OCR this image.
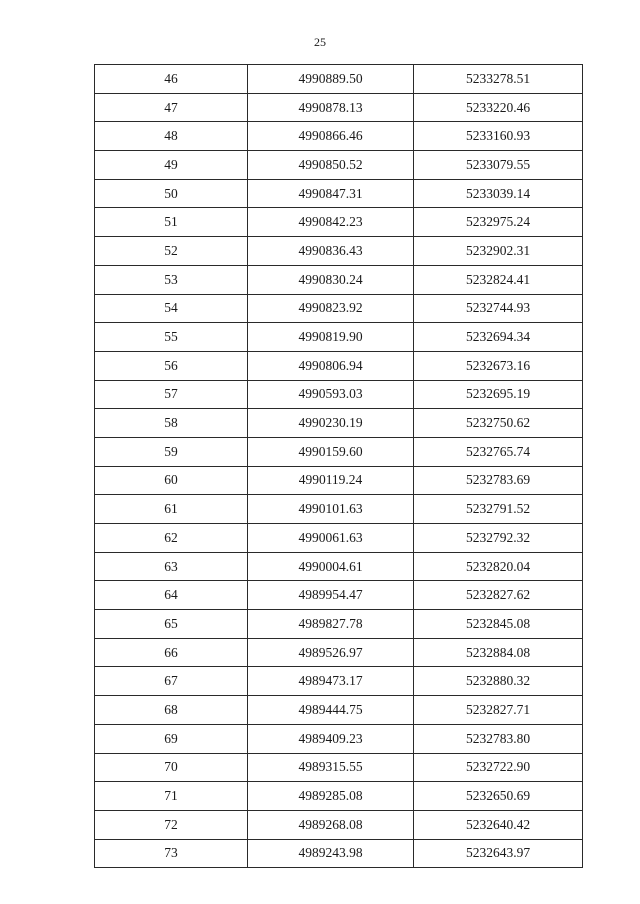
25
46	4990889.50	5233278.51
47	4990878.13	5233220.46
48	4990866.46	5233160.93
49	4990850.52	5233079.55
50	4990847.31	5233039.14
51	4990842.23	5232975.24
52	4990836.43	5232902.31
53	4990830.24	5232824.41
54	4990823.92	5232744.93
55	4990819.90	5232694.34
56	4990806.94	5232673.16
57	4990593.03	5232695.19
58	4990230.19	5232750.62
59	4990159.60	5232765.74
60	4990119.24	5232783.69
61	4990101.63	5232791.52
62	4990061.63	5232792.32
63	4990004.61	5232820.04
64	4989954.47	5232827.62
65	4989827.78	5232845.08
66	4989526.97	5232884.08
67	4989473.17	5232880.32
68	4989444.75	5232827.71
69	4989409.23	5232783.80
70	4989315.55	5232722.90
71	4989285.08	5232650.69
72	4989268.08	5232640.42
73	4989243.98	5232643.97
